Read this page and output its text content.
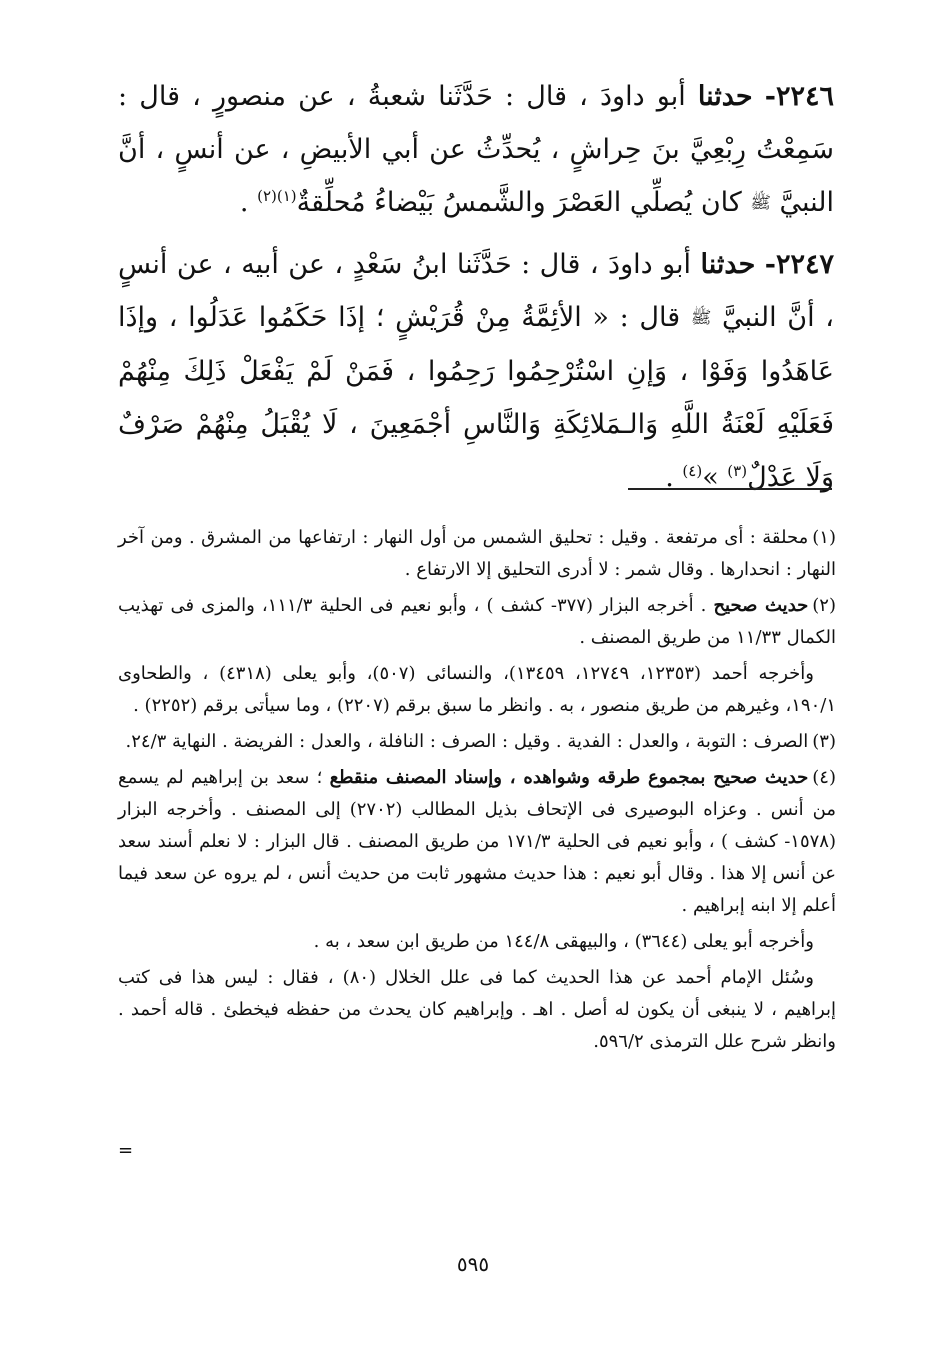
٢٢٤٦- حدثنا أبو داودَ ، قال : حَدَّثَنا شعبةُ ، عن منصورٍ ، قال : سَمِعْتُ رِبْعِيَّ بنَ حِراشٍ ، يُحدِّثُ عن أبي الأبيضِ ، عن أنسٍ ، أنَّ النبيَّ ﷺ كان يُصلِّي العَصْرَ والشَّمسُ بَيْضاءُ مُحلِّقةٌ$^{(١)(٢)}$ .

٢٢٤٧- حدثنا أبو داودَ ، قال : حَدَّثَنا ابنُ سَعْدٍ ، عن أبيه ، عن أنسٍ ، أنَّ النبيَّ ﷺ قال : « الأئِمَّةُ مِنْ قُرَيْشٍ ؛ إذَا حَكَمُوا عَدَلُوا ، وإذَا عَاهَدُوا وَفَوْا ، وَإنِ اسْتُرْحِمُوا رَحِمُوا ، فَمَنْ لَمْ يَفْعَلْ ذَلِكَ مِنْهُمْ فَعَلَيْهِ لَعْنَةُ اللَّهِ وَالـمَلائِكَةِ وَالنَّاسِ أجْمَعِينَ ، لَا يُقْبَلُ مِنْهُمْ صَرْفٌ وَلَا عَدْلٌ$^{(٣)}$ »$^{(٤)}$ .

(١)محلقة : أى مرتفعة . وقيل : تحليق الشمس من أول النهار : ارتفاعها من المشرق . ومن آخر النهار : انحدارها . وقال شمر : لا أدرى التحليق إلا الارتفاع .

(٢)حديث صحيح . أخرجه البزار (٣٧٧- كشف ) ، وأبو نعيم فى الحلية ١١١/٣، والمزى فى تهذيب الكمال ١١/٣٣ من طريق المصنف .

وأخرجه أحمد (١٢٣٥٣، ١٢٧٤٩، ١٣٤٥٩)، والنسائى (٥٠٧)، وأبو يعلى (٤٣١٨) ، والطحاوى ١٩٠/١، وغيرهم من طريق منصور ، به . وانظر ما سبق برقم (٢٢٠٧) ، وما سيأتى برقم (٢٢٥٢) .

(٣)الصرف : التوبة ، والعدل : الفدية . وقيل : الصرف : النافلة ، والعدل : الفريضة . النهاية ٢٤/٣.

(٤)حديث صحيح بمجموع طرقه وشواهده ، وإسناد المصنف منقطع ؛ سعد بن إبراهيم لم يسمع من أنس . وعزاه البوصيرى فى الإتحاف بذيل المطالب (٢٧٠٢) إلى المصنف . وأخرجه البزار (١٥٧٨- كشف ) ، وأبو نعيم فى الحلية ١٧١/٣ من طريق المصنف . قال البزار : لا نعلم أسند سعد عن أنس إلا هذا . وقال أبو نعيم : هذا حديث مشهور ثابت من حديث أنس ، لم يروه عن سعد فيما أعلم إلا ابنه إبراهيم .

وأخرجه أبو يعلى (٣٦٤٤) ، والبيهقى ١٤٤/٨ من طريق ابن سعد ، به .

وسُئل الإمام أحمد عن هذا الحديث كما فى علل الخلال (٨٠) ، فقال : ليس هذا فى كتب إبراهيم ، لا ينبغى أن يكون له أصل . اهـ . وإبراهيم كان يحدث من حفظه فيخطئ . قاله أحمد . وانظر شرح علل الترمذى ٥٩٦/٢.

=
٥٩٥
